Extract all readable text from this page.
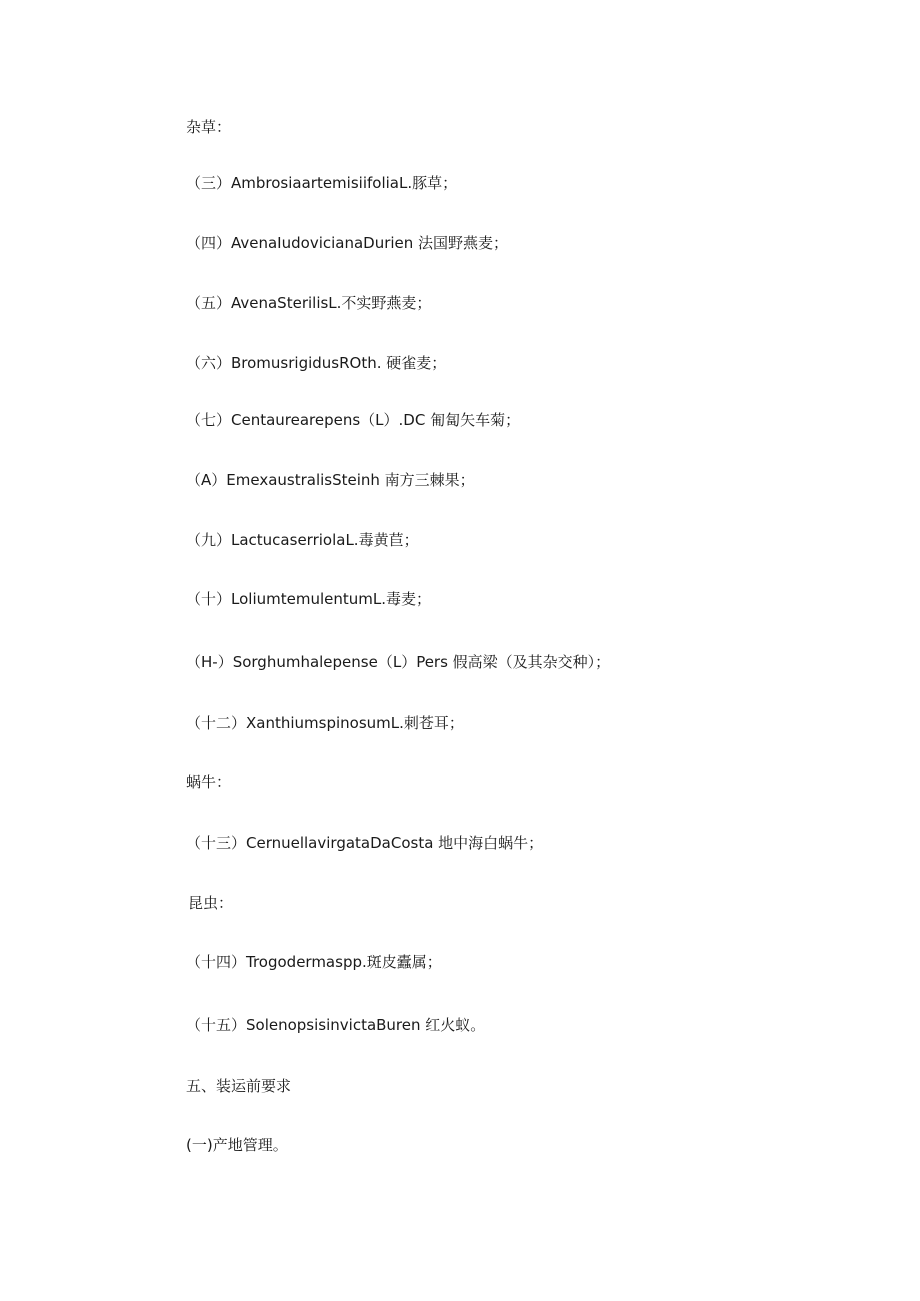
杂草：
（三）AmbrosiaartemisiifoliaL.豚草；
（四）AvenaIudovicianaDurien 法国野燕麦；
（五）AvenaSterilisL.不实野燕麦；
（六）BromusrigidusROth. 硬雀麦；
（七）Centaurearepens（L）.DC 匍匐矢车菊；
（A）EmexaustralisSteinh 南方三棘果；
（九）LactucaserriolaL.毒黄苣；
（十）LoliumtemulentumL.毒麦；
（H-）Sorghumhalepense（L）Pers 假高梁（及其杂交种）；
（十二）XanthiumspinosumL.刺苍耳；
蜗牛：
（十三）CernuellavirgataDaCosta 地中海白蜗牛；
昆虫：
（十四）Trogodermaspp.斑皮蠹属；
（十五）SolenopsisinvictaBuren 红火蚁。
五、装运前要求
(一)产地管理。
